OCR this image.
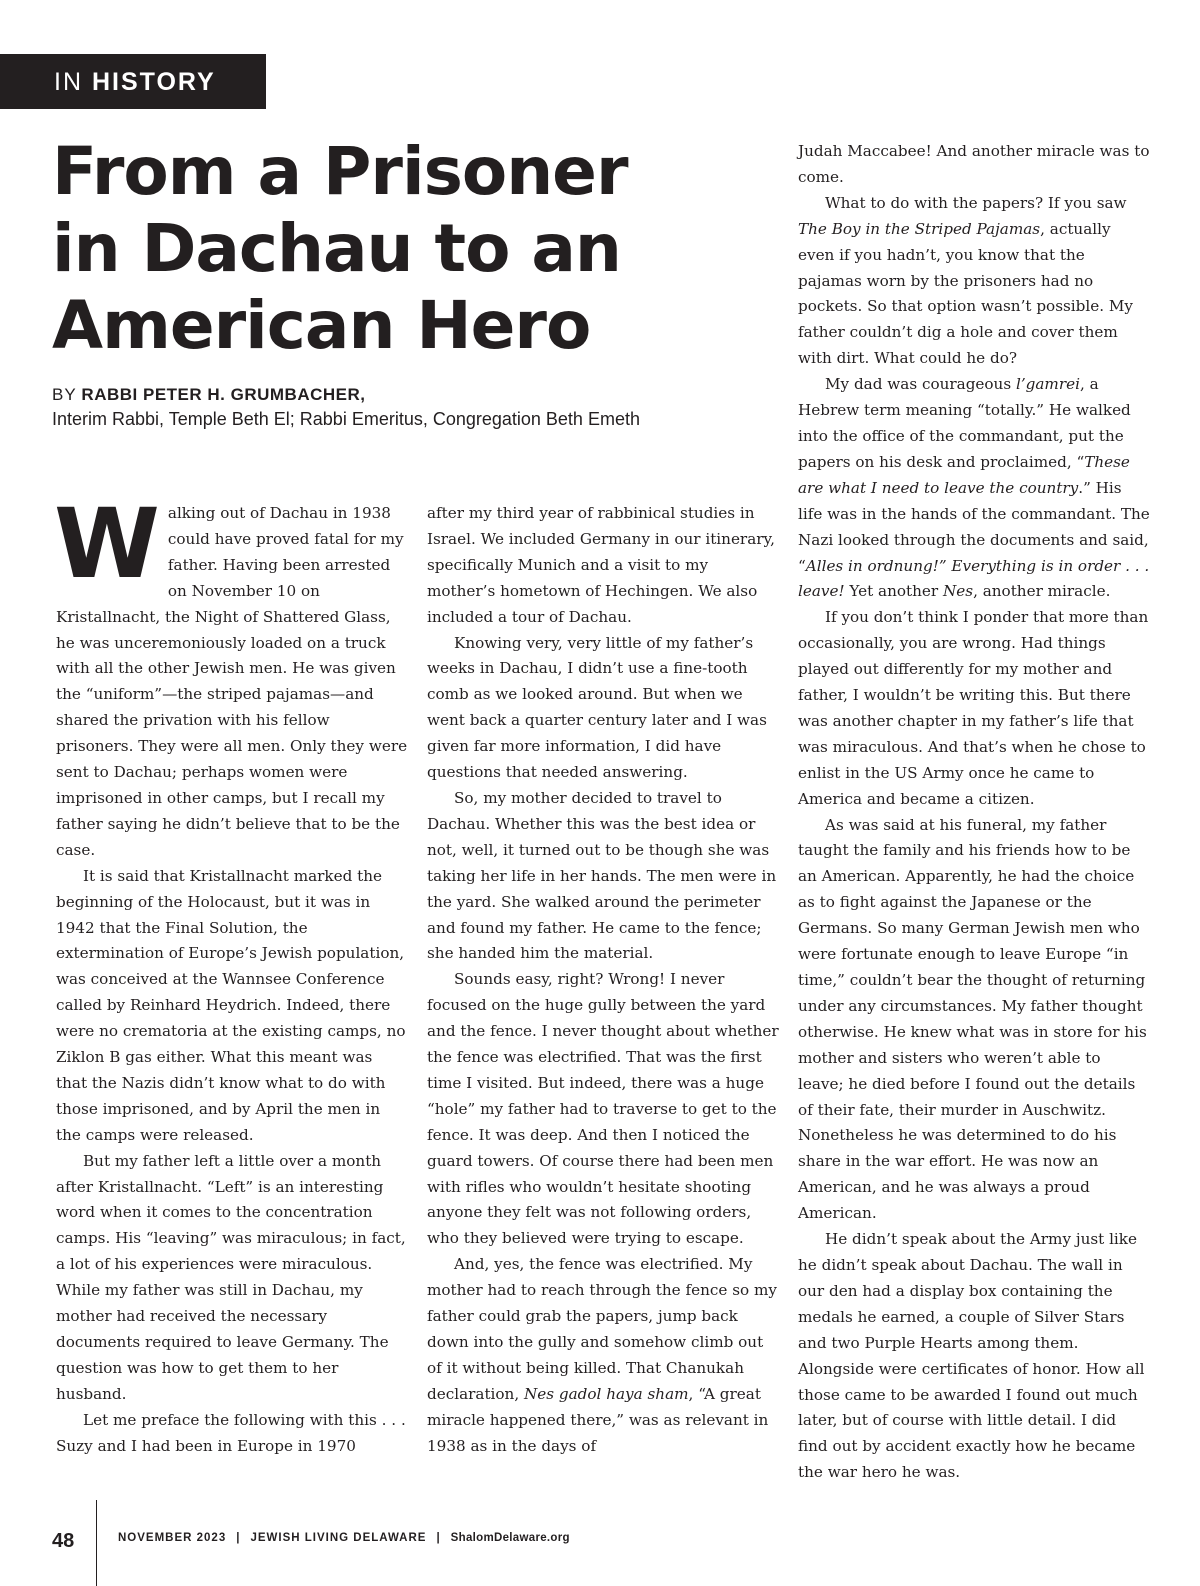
IN HISTORY
From a Prisoner
in Dachau to an
American Hero
BY RABBI PETER H. GRUMBACHER,
Interim Rabbi, Temple Beth El; Rabbi Emeritus, Congregation Beth Emeth

Walking out of Dachau in 1938 could have proved fatal for my father. Having been arrested on November 10 on Kristallnacht, the Night of Shattered Glass, he was unceremoniously loaded on a truck with all the other Jewish men. He was given the “uniform”—the striped pajamas—and shared the privation with his fellow prisoners. They were all men. Only they were sent to Dachau; perhaps women were imprisoned in other camps, but I recall my father saying he didn’t believe that to be the case.

It is said that Kristallnacht marked the beginning of the Holocaust, but it was in 1942 that the Final Solution, the extermination of Europe’s Jewish population, was conceived at the Wannsee Conference called by Reinhard Heydrich. Indeed, there were no crematoria at the existing camps, no Ziklon B gas either. What this meant was that the Nazis didn’t know what to do with those imprisoned, and by April the men in the camps were released.

But my father left a little over a month after Kristallnacht. “Left” is an interesting word when it comes to the concentration camps. His “leaving” was miraculous; in fact, a lot of his experiences were miraculous. While my father was still in Dachau, my mother had received the necessary documents required to leave Germany. The question was how to get them to her husband.

Let me preface the following with this . . . Suzy and I had been in Europe in 1970

after my third year of rabbinical studies in Israel. We included Germany in our itinerary, specifically Munich and a visit to my mother’s hometown of Hechingen. We also included a tour of Dachau.

Knowing very, very little of my father’s weeks in Dachau, I didn’t use a fine-tooth comb as we looked around. But when we went back a quarter century later and I was given far more information, I did have questions that needed answering.

So, my mother decided to travel to Dachau. Whether this was the best idea or not, well, it turned out to be though she was taking her life in her hands. The men were in the yard. She walked around the perimeter and found my father. He came to the fence; she handed him the material.

Sounds easy, right? Wrong! I never focused on the huge gully between the yard and the fence. I never thought about whether the fence was electrified. That was the first time I visited. But indeed, there was a huge “hole” my father had to traverse to get to the fence. It was deep. And then I noticed the guard towers. Of course there had been men with rifles who wouldn’t hesitate shooting anyone they felt was not following orders, who they believed were trying to escape.

And, yes, the fence was electrified. My mother had to reach through the fence so my father could grab the papers, jump back down into the gully and somehow climb out of it without being killed. That Chanukah declaration, Nes gadol haya sham, “A great miracle happened there,” was as relevant in 1938 as in the days of

Judah Maccabee! And another miracle was to come.

What to do with the papers? If you saw The Boy in the Striped Pajamas, actually even if you hadn’t, you know that the pajamas worn by the prisoners had no pockets. So that option wasn’t possible. My father couldn’t dig a hole and cover them with dirt. What could he do?

My dad was courageous l’gamrei, a Hebrew term meaning “totally.” He walked into the office of the commandant, put the papers on his desk and proclaimed, “These are what I need to leave the country.” His life was in the hands of the commandant. The Nazi looked through the documents and said, “Alles in ordnung!” Everything is in order . . . leave! Yet another Nes, another miracle.

If you don’t think I ponder that more than occasionally, you are wrong. Had things played out differently for my mother and father, I wouldn’t be writing this. But there was another chapter in my father’s life that was miraculous. And that’s when he chose to enlist in the US Army once he came to America and became a citizen.

As was said at his funeral, my father taught the family and his friends how to be an American. Apparently, he had the choice as to fight against the Japanese or the Germans. So many German Jewish men who were fortunate enough to leave Europe “in time,” couldn’t bear the thought of returning under any circumstances. My father thought otherwise. He knew what was in store for his mother and sisters who weren’t able to leave; he died before I found out the details of their fate, their murder in Auschwitz. Nonetheless he was determined to do his share in the war effort. He was now an American, and he was always a proud American.

He didn’t speak about the Army just like he didn’t speak about Dachau. The wall in our den had a display box containing the medals he earned, a couple of Silver Stars and two Purple Hearts among them. Alongside were certificates of honor. How all those came to be awarded I found out much later, but of course with little detail. I did find out by accident exactly how he became the war hero he was.

48	NOVEMBER 2023 | JEWISH LIVING DELAWARE | ShalomDelaware.org
